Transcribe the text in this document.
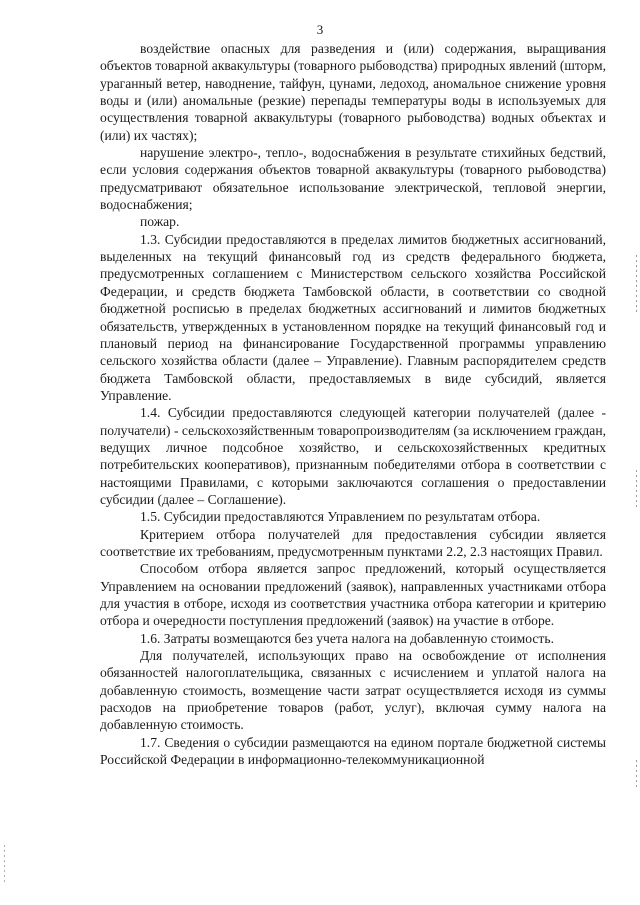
3

воздействие опасных для разведения и (или) содержания, выращивания объектов товарной аквакультуры (товарного рыбоводства) природных явлений (шторм, ураганный ветер, наводнение, тайфун, цунами, ледоход, аномальное снижение уровня воды и (или) аномальные (резкие) перепады температуры воды в используемых для осуществления товарной аквакультуры (товарного рыбоводства) водных объектах и (или) их частях);

нарушение электро-, тепло-, водоснабжения в результате стихийных бедствий, если условия содержания объектов товарной аквакультуры (товарного рыбоводства) предусматривают обязательное использование электрической, тепловой энергии, водоснабжения;

пожар.

1.3. Субсидии предоставляются в пределах лимитов бюджетных ассигнований, выделенных на текущий финансовый год из средств федерального бюджета, предусмотренных соглашением с Министерством сельского хозяйства Российской Федерации, и средств бюджета Тамбовской области, в соответствии со сводной бюджетной росписью в пределах бюджетных ассигнований и лимитов бюджетных обязательств, утвержденных в установленном порядке на текущий финансовый год и плановый период на финансирование Государственной программы управлению сельского хозяйства области (далее – Управление). Главным распорядителем средств бюджета Тамбовской области, предоставляемых в виде субсидий, является Управление.

1.4. Субсидии предоставляются следующей категории получателей (далее - получатели) - сельскохозяйственным товаропроизводителям (за исключением граждан, ведущих личное подсобное хозяйство, и сельскохозяйственных кредитных потребительских кооперативов), признанным победителями отбора в соответствии с настоящими Правилами, с которыми заключаются соглашения о предоставлении субсидии (далее – Соглашение).

1.5. Субсидии предоставляются Управлением по результатам отбора.

Критерием отбора получателей для предоставления субсидии является соответствие их требованиям, предусмотренным пунктами 2.2, 2.3 настоящих Правил.

Способом отбора является запрос предложений, который осуществляется Управлением на основании предложений (заявок), направленных участниками отбора для участия в отборе, исходя из соответствия участника отбора категории и критерию отбора и очередности поступления предложений (заявок) на участие в отборе.

1.6. Затраты возмещаются без учета налога на добавленную стоимость.

Для получателей, использующих право на освобождение от исполнения обязанностей налогоплательщика, связанных с исчислением и уплатой налога на добавленную стоимость, возмещение части затрат осуществляется исходя из суммы расходов на приобретение товаров (работ, услуг), включая сумму налога на добавленную стоимость.

1.7. Сведения о субсидии размещаются на едином портале бюджетной системы Российской Федерации в информационно-телекоммуникационной
